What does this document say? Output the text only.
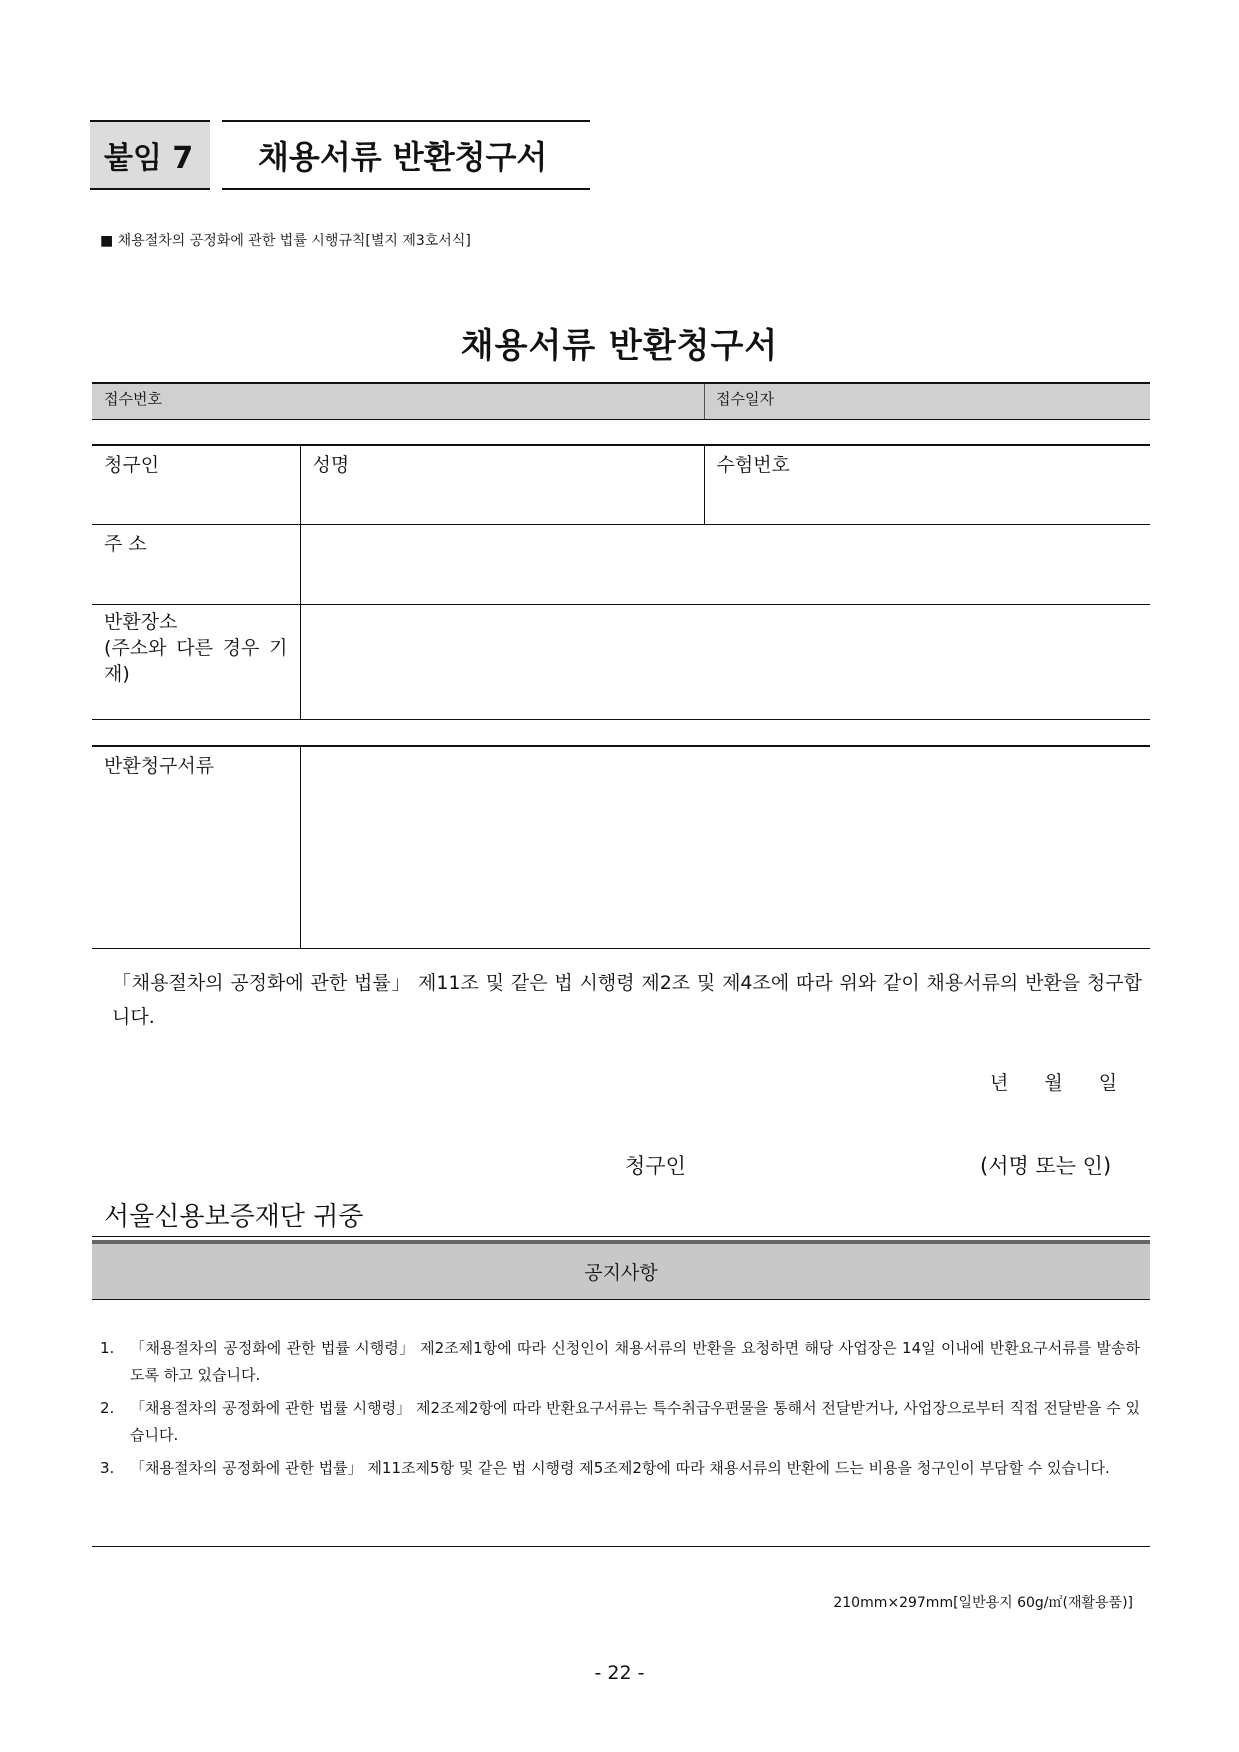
붙임 7	채용서류 반환청구서
■ 채용절차의 공정화에 관한 법률 시행규칙[별지 제3호서식]
채용서류 반환청구서
접수번호	접수일자
청구인	성명	수험번호
주 소		

반환장소
(주소와 다른 경우 기재)		

반환청구서류	
「채용절차의 공정화에 관한 법률」 제11조 및 같은 법 시행령 제2조 및 제4조에 따라 위와 같이 채용서류의 반환을 청구합니다.
년 월 일
청구인	(서명 또는 인)
서울신용보증재단 귀중
공지사항
1.	「채용절차의 공정화에 관한 법률 시행령」 제2조제1항에 따라 신청인이 채용서류의 반환을 요청하면 해당 사업장은 14일 이내에 반환요구서류를 발송하도록 하고 있습니다.
2.	「채용절차의 공정화에 관한 법률 시행령」 제2조제2항에 따라 반환요구서류는 특수취급우편물을 통해서 전달받거나, 사업장으로부터 직접 전달받을 수 있습니다.
3.	「채용절차의 공정화에 관한 법률」 제11조제5항 및 같은 법 시행령 제5조제2항에 따라 채용서류의 반환에 드는 비용을 청구인이 부담할 수 있습니다.
210mm×297mm[일반용지 60g/㎡(재활용품)]
- 22 -
